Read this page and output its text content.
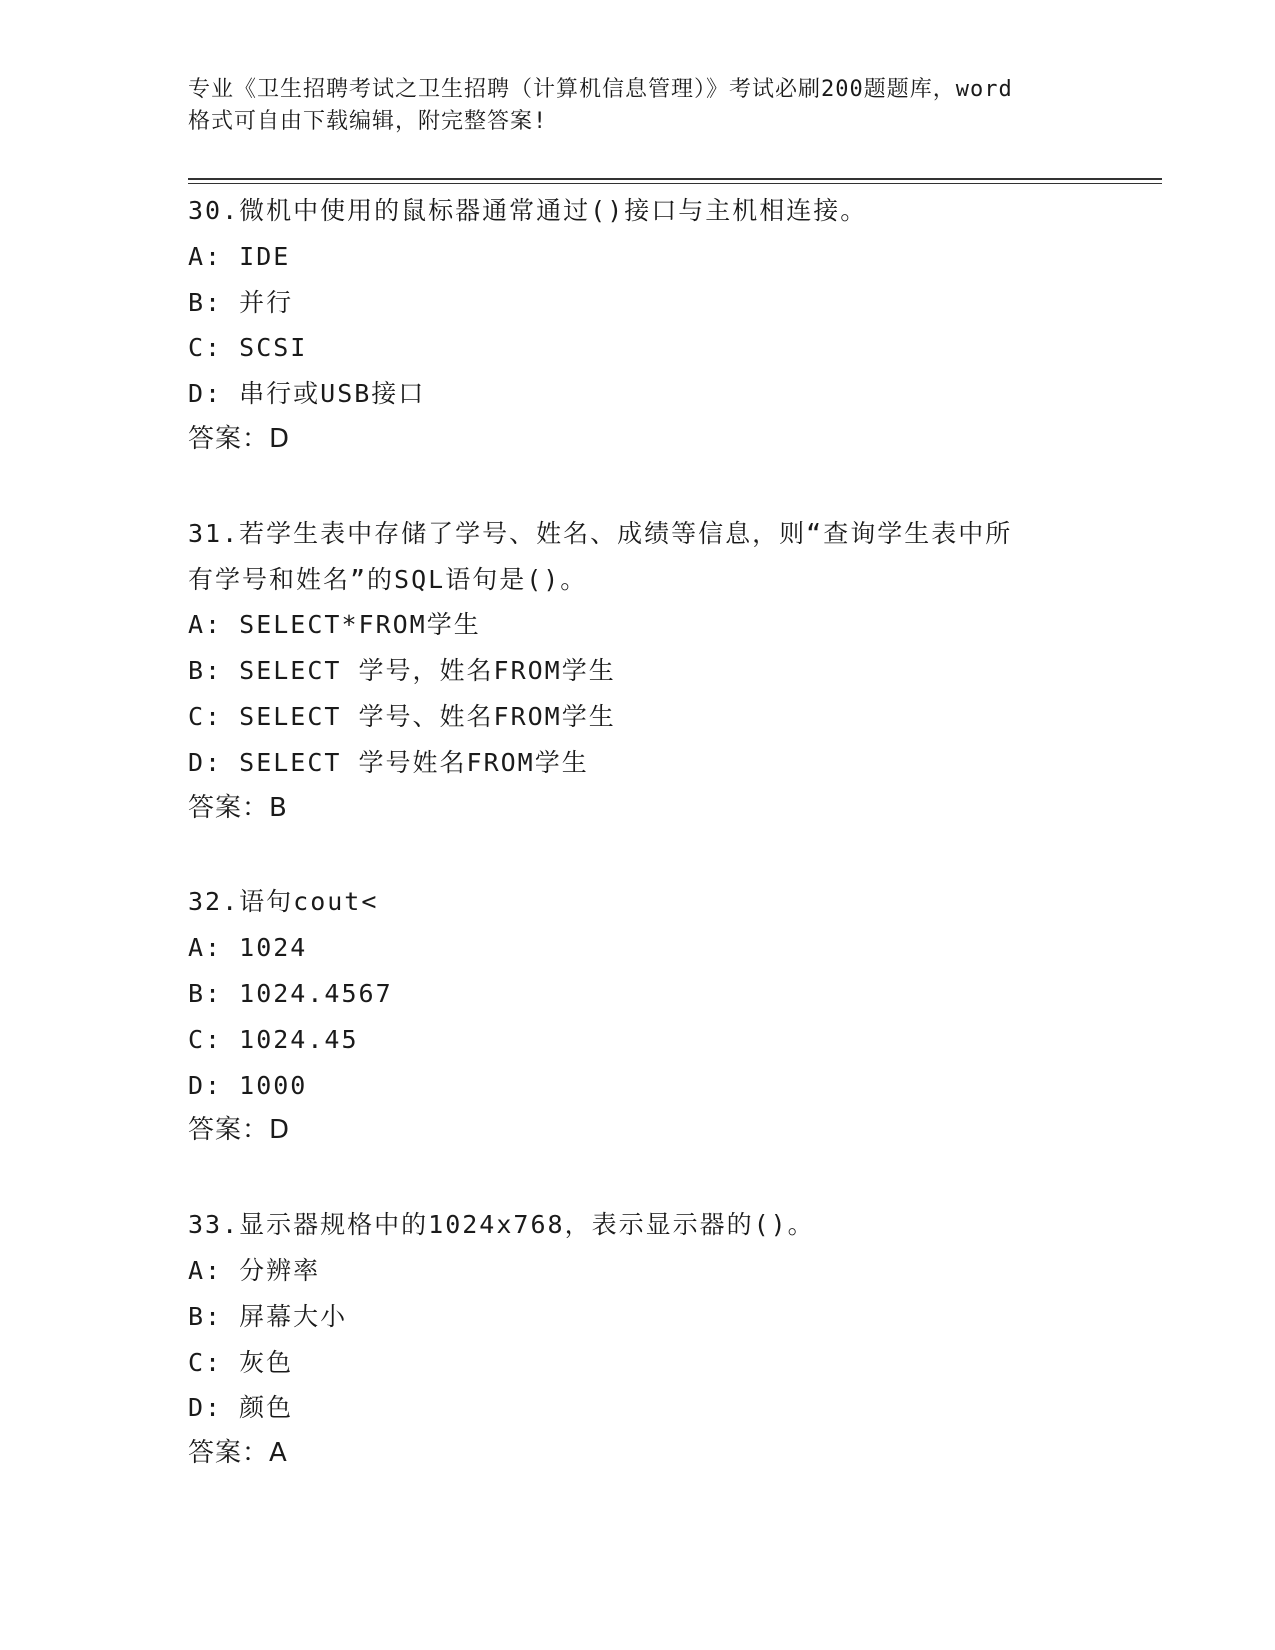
专业《卫生招聘考试之卫生招聘（计算机信息管理）》考试必刷200题题库，word
格式可自由下载编辑，附完整答案!
30.微机中使用的鼠标器通常通过()接口与主机相连接。
A: IDE
B: 并行
C: SCSI
D: 串行或USB接口
答案：D
31.若学生表中存储了学号、姓名、成绩等信息，则“查询学生表中所
有学号和姓名”的SQL语句是()。
A: SELECT*FROM学生
B: SELECT 学号，姓名FROM学生
C: SELECT 学号、姓名FROM学生
D: SELECT 学号姓名FROM学生
答案：B
32.语句cout<
A: 1024
B: 1024.4567
C: 1024.45
D: 1000
答案：D
33.显示器规格中的1024x768，表示显示器的()。
A: 分辨率
B: 屏幕大小
C: 灰色
D: 颜色
答案：A
